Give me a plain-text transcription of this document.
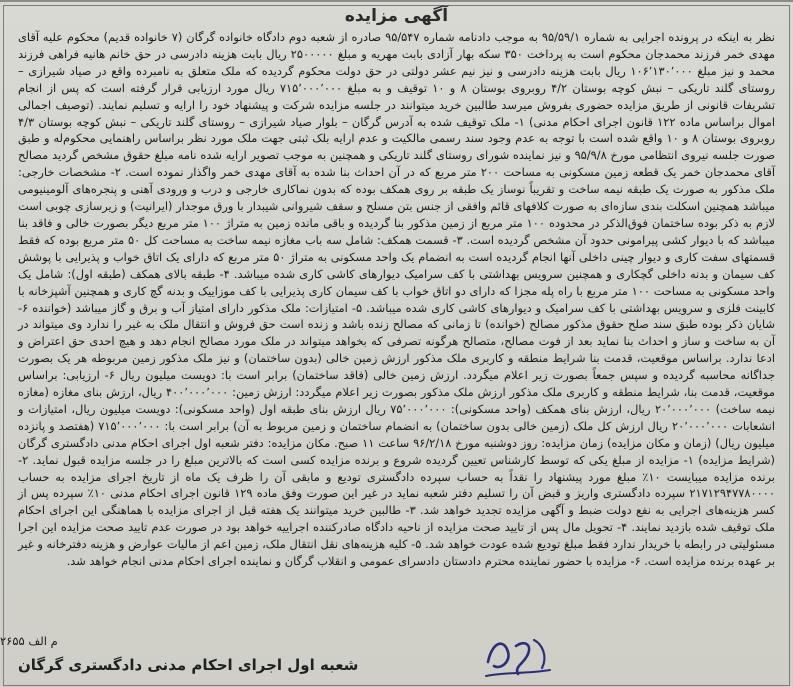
آگهی مزایده
نظر به اینکه در پرونده اجرایی به شماره ۹۵/۵۹/۱ به موجب دادنامه شماره ۹۵/۵۴۷ صادره از شعبه دوم دادگاه خانواده گرگان (۷ خانواده قدیم) محکوم علیه آقای مهدی خمر فرزند محمدجان محکوم است به پرداخت ۳۵۰ سکه بهار آزادی بابت مهریه و مبلغ ۲۵۰۰۰۰۰ ریال بابت هزینه دادرسی در حق خانم هانیه فراهی فرزند محمد و نیز مبلغ ۱۰۶٬۱۳۰٬۰۰۰ ریال بابت هزینه دادرسی و نیز نیم عشر دولتی در حق دولت محکوم گردیده که ملک متعلق به نامبرده واقع در صیاد شیرازی – روستای گلند تاریکی – نبش کوچه بوستان ۴/۲ روبروی بوستان ۸ و ۱۰ توقیف و به مبلغ ۷۱۵٬۰۰۰٬۰۰۰ ریال مورد ارزیابی قرار گرفته است که پس از انجام تشریفات قانونی از طریق مزایده حضوری بفروش میرسد طالبین خرید میتوانند در جلسه مزایده شرکت و پیشنهاد خود را ارایه و تسلیم نمایند. (توصیف اجمالی اموال براساس ماده ۱۲۲ قانون اجرای احکام مدنی) ۱- ملک توقیف شده به آدرس گرگان – بلوار صیاد شیرازی – روستای گلند تاریکی – نبش کوچه بوستان ۴/۳ روبروی بوستان ۸ و ۱۰ واقع شده است با توجه به عدم وجود سند رسمی مالکیت و عدم ارایه بلک ثبتی جهت ملک مورد نظر براساس راهنمایی محکوم‌له و طبق صورت جلسه نیروی انتظامی مورخ ۹۵/۹/۸ و نیز نماینده شورای روستای گلند تاریکی و همچنین به موجب تصویر ارایه شده نامه مبلغ حقوق مشخص گردید مصالح آقای محمدجان خمر یک قطعه زمین مسکونی به مساحت ۲۰۰ متر مربع که در آن احداث بنا شده به آقای مهدی خمر واگذار نموده است. ۲- مشخصات خارجی: ملک مذکور به صورت یک طبقه نیمه ساخت و تقریباً نوساز یک طبقه بر روی همکف بوده که بدون نماکاری خارجی و درب و ورودی آهنی و پنجره‌های آلومینیومی میباشد همچنین اسکلت بندی سازه‌ای به صورت کلافهای قائم وافقی از جنس بتن مسلح و سقف شیروانی شیبدار با ورق موجدار (ایرانیت) و زیرسازی چوبی است لازم به ذکر بوده ساختمان فوق‌الذکر در محدوده ۱۰۰ متر مربع از زمین مذکور بنا گردیده و باقی مانده زمین به متراژ ۱۰۰ متر مربع دیگر بصورت خالی و فاقد بنا میباشد که با دیوار کشی پیرامونی حدود آن مشخص گردیده است. ۳- قسمت همکف: شامل سه باب مغازه نیمه ساخت به مساحت کل ۵۰ متر مربع بوده که فقط قسمتهای سفت کاری و دیوار چینی داخلی آنها انجام گردیده است به انضمام یک واحد مسکونی به متراژ ۵۰ متر مربع که دارای یک اتاق خواب و پذیرایی با پوشش کف سیمان و بدنه داخلی گچکاری و همچنین سرویس بهداشتی با کف سرامیک دیوارهای کاشی کاری شده میباشد. ۴- طبقه بالای همکف (طبقه اول): شامل یک واحد مسکونی به مساحت ۱۰۰ متر مربع با راه پله مجزا که دارای دو اتاق خواب با کف سیمان کاری پذیرایی با کف موزاییک و بدنه گچ کاری و همچنین آشپزخانه با کابینت فلزی و سرویس بهداشتی با کف سرامیک و دیوارهای کاشی کاری شده میباشد. ۵- امتیازات: ملک مذکور دارای امتیاز آب و برق و گاز میباشد (خواننده ۶- شایان ذکر بوده طبق سند صلح حقوق مذکور مصالح (خوانده) تا زمانی که مصالح زنده باشد و زنده است حق فروش و انتقال ملک به غیر را ندارد وی میتواند در آن به ساخت و ساز و احداث بنا نماید بعد از فوت مصالح، متصالح هرگونه تصرفی که بخواهد میتواند در ملک مورد مصالح انجام دهد و هیچ احدی حق اعتراض و ادعا ندارد. براساس موقعیت، قدمت بنا شرایط منطقه و کاربری ملک مذکور ارزش زمین خالی (بدون ساختمان) و نیز ملک مذکور زمین مربوطه هر یک بصورت جداگانه محاسبه گردیده و سپس جمعاً بصورت زیر اعلام میگردد. ارزش زمین خالی (فاقد ساختمان) برابر است با: دویست میلیون ریال ۶- ارزیابی: براساس موقعیت، قدمت بنا، شرایط منطقه و کاربری ملک مذکور ارزش ملک مذکور بصورت زیر اعلام میگردد: ارزش زمین: ۴۰۰٬۰۰۰٬۰۰۰ ریال، ارزش بنای مغازه (مغازه نیمه ساخت) ۲۰٬۰۰۰٬۰۰۰ ریال، ارزش بنای همکف (واحد مسکونی): ۷۵٬۰۰۰٬۰۰۰ ریال ارزش بنای طبقه اول (واحد مسکونی): دویست میلیون ریال، امتیازات و انشعابات ۲۰٬۰۰۰٬۰۰۰ ریال ارزش کل ملک (زمین خالی بدون ساختمان) به انضمام ساختمان و زمین مربوط به آن) برابر است با: ۷۱۵٬۰۰۰٬۰۰۰ (هفتصد و پانزده میلیون ریال) (زمان و مکان مزایده) زمان مزایده: روز دوشنبه مورخ ۹۶/۲/۱۸ ساعت ۱۱ صبح. مکان مزایده: دفتر شعبه اول اجرای احکام مدنی دادگستری گرگان (شرایط مزایده) ۱- مزایده از مبلغ یکی که توسط کارشناس تعیین گردیده شروع و برنده مزایده کسی است که بالاترین مبلغ را در جلسه مزایده قبول نماید. ۲- برنده مزایده میبایست ۱۰٪ مبلغ مورد پیشنهاد را نقداً به حساب سپرده دادگستری تودیع و مابقی آن را ظرف یک ماه از تاریخ اجرای مزایده به حساب ۲۱۷۱۲۹۴۷۷۸۰۰۰۰ سپرده دادگستری واریز و قبض آن را تسلیم دفتر شعبه نماید در غیر این صورت وفق ماده ۱۲۹ قانون اجرای احکام مدنی ۱۰٪ سپرده پس از کسر هزینه‌های اجرایی به نفع دولت ضبط و آگهی مزایده تجدید خواهد شد. ۳- طالبین خرید میتوانند یک هفته قبل از اجرای مزایده با هماهنگی این اجرای احکام ملک توقیف شده بازدید نمایند. ۴- تحویل مال پس از تایید صحت مزایده از ناحیه دادگاه صادرکننده اجراییه خواهد بود در صورت عدم تایید صحت مزایده این اجرا مسئولیتی در رابطه با خریدار ندارد فقط مبلغ تودیع شده عودت خواهد شد. ۵- کلیه هزینه‌های نقل انتقال ملک، زمین اعم از مالیات عوارض و هزینه دفترخانه و غیر بر عهده برنده مزایده است. ۶- مزایده با حضور نماینده محترم دادستان دادسرای عمومی و انقلاب گرگان و نماینده اجرای احکام مدنی انجام خواهد شد.
م الف ۲۶۵۵
شعبه اول اجرای احکام مدنی دادگستری گرگان
